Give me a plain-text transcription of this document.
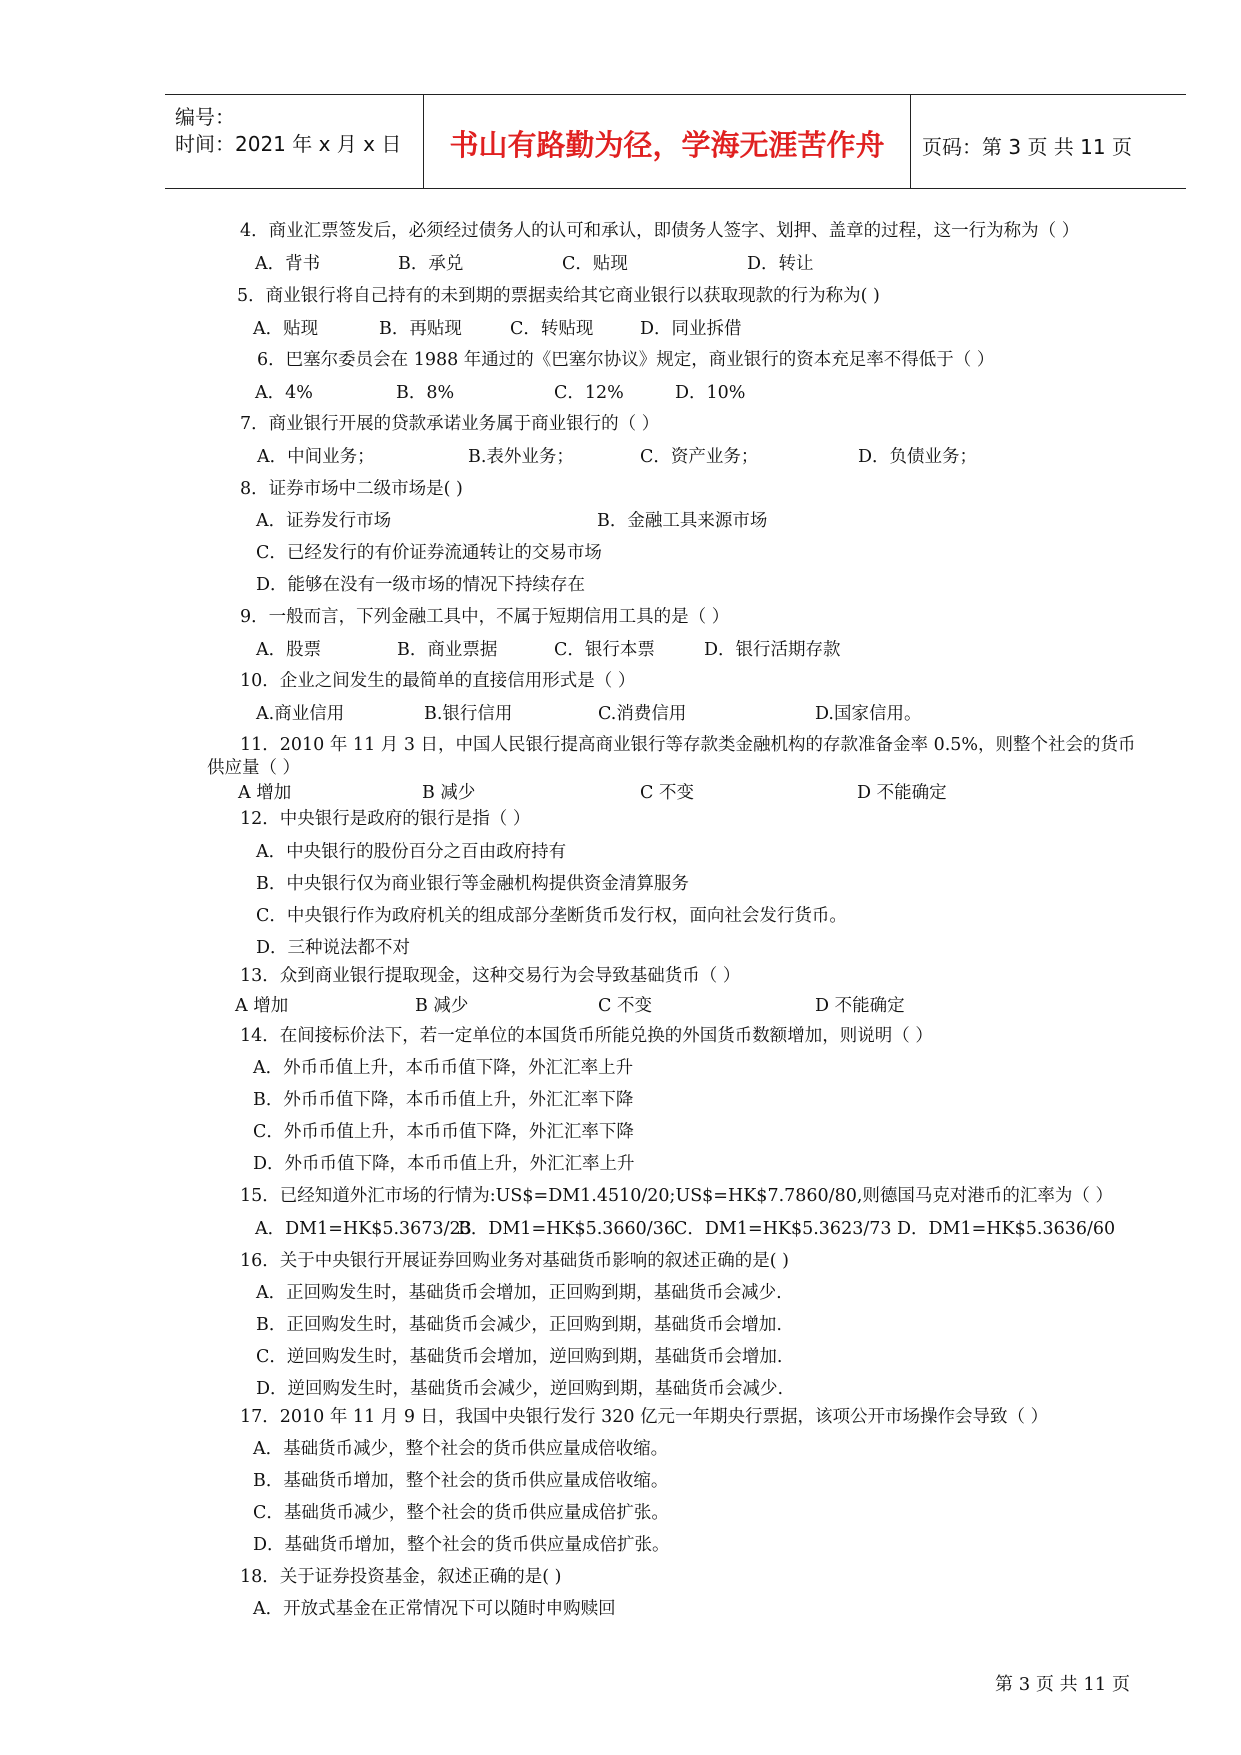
编号：
时间：2021 年 x 月 x 日	书山有路勤为径，学海无涯苦作舟	页码：第 3 页 共 11 页
4．商业汇票签发后，必须经过债务人的认可和承认，即债务人签字、划押、盖章的过程，这一行为称为（ ）
A．背书	B．承兑	C．贴现	D．转让
5．商业银行将自己持有的未到期的票据卖给其它商业银行以获取现款的行为称为( )
A．贴现	B．再贴现	C．转贴现	D．同业拆借
6．巴塞尔委员会在 1988 年通过的《巴塞尔协议》规定，商业银行的资本充足率不得低于（ ）
A．4%	B．8%	C．12%	D．10%
7．商业银行开展的贷款承诺业务属于商业银行的（ ）
A．中间业务；	B.表外业务；	C．资产业务；	D．负债业务；
8．证券市场中二级市场是( )
A．证券发行市场	B．金融工具来源市场
C．已经发行的有价证券流通转让的交易市场
D．能够在没有一级市场的情况下持续存在
9．一般而言，下列金融工具中，不属于短期信用工具的是（ ）
A．股票	B．商业票据	C．银行本票	D．银行活期存款
10．企业之间发生的最简单的直接信用形式是（ ）
A.商业信用	B.银行信用	C.消费信用	D.国家信用。
11．2010 年 11 月 3 日，中国人民银行提高商业银行等存款类金融机构的存款准备金率 0.5%，则整个社会的货币
供应量（ ）
A 增加	B 减少	C 不变	D 不能确定
12．中央银行是政府的银行是指（ ）
A．中央银行的股份百分之百由政府持有
B．中央银行仅为商业银行等金融机构提供资金清算服务
C．中央银行作为政府机关的组成部分垄断货币发行权，面向社会发行货币。
D．三种说法都不对
13．众到商业银行提取现金，这种交易行为会导致基础货币（ ）
A 增加	B 减少	C 不变	D 不能确定
14．在间接标价法下，若一定单位的本国货币所能兑换的外国货币数额增加，则说明（ ）
A．外币币值上升，本币币值下降，外汇汇率上升
B．外币币值下降，本币币值上升，外汇汇率下降
C．外币币值上升，本币币值下降，外汇汇率下降
D．外币币值下降，本币币值上升，外汇汇率上升
15．已经知道外汇市场的行情为:US$=DM1.4510/20;US$=HK$7.7860/80,则德国马克对港币的汇率为（ ）
A．DM1=HK$5.3673/23
B．DM1=HK$5.3660/36 C．DM1=HK$5.3623/73 D．DM1=HK$5.3636/60
16．关于中央银行开展证券回购业务对基础货币影响的叙述正确的是( )
A．正回购发生时，基础货币会增加，正回购到期，基础货币会减少.
B．正回购发生时，基础货币会减少，正回购到期，基础货币会增加.
C．逆回购发生时，基础货币会增加，逆回购到期，基础货币会增加.
D．逆回购发生时，基础货币会减少，逆回购到期，基础货币会减少.
17．2010 年 11 月 9 日，我国中央银行发行 320 亿元一年期央行票据，该项公开市场操作会导致（ ）
A．基础货币减少，整个社会的货币供应量成倍收缩。
B．基础货币增加，整个社会的货币供应量成倍收缩。
C．基础货币减少，整个社会的货币供应量成倍扩张。
D．基础货币增加，整个社会的货币供应量成倍扩张。
18．关于证券投资基金，叙述正确的是( )
A．开放式基金在正常情况下可以随时申购赎回
第 3 页 共 11 页
